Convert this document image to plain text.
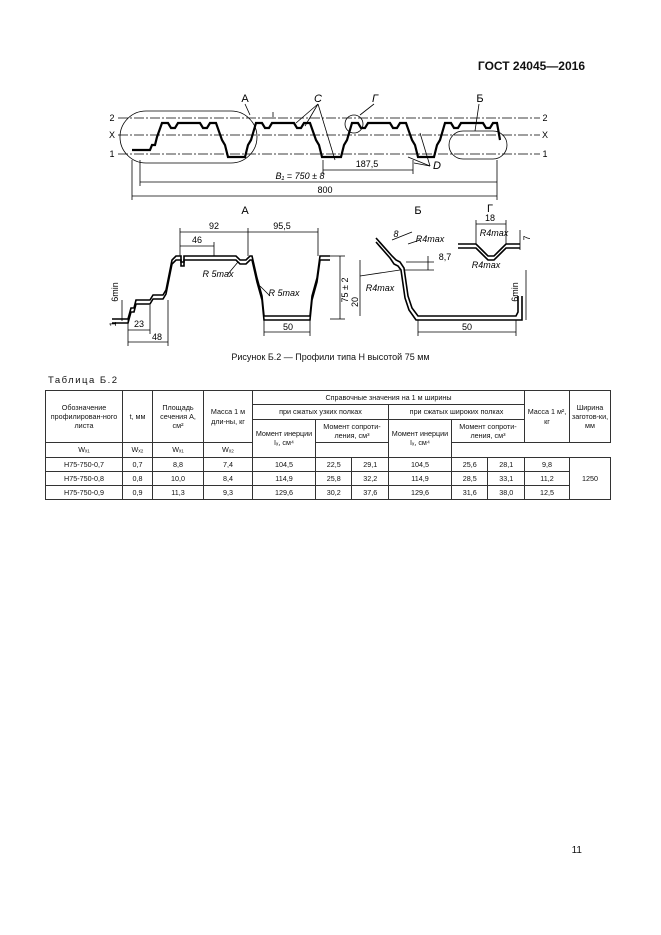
ГОСТ 24045—2016
2
X
1
2
X
1
А	С	Г	Б
D
187,5
B₁ = 750 ± 8
800
А	Б	Г
92
46
95,5
R 5max
R 5max
50
23
48
75 ± 2
6min
1
8 R4max
8,7
R4max
20
50
6min
18
R4max
R4max
7
Рисунок Б.2 — Профили типа Н высотой 75 мм
Таблица Б.2
Обозначение профилирован-ного листа	t, мм	Площадь сечения A, см²	Масса 1 м дли-ны, кг	Справочные значения на 1 м ширины						Масса 1 м², кг	Ширина заготов-ки, мм
				при сжатых узких полках			при сжатых широких полках				
				Момент инерции Iₓ, см⁴	Момент сопроти-ления, см³		Момент инерции Iₓ, см⁴	Момент сопроти-ления, см³			
Wₓ₁	Wₓ₂	Wₓ₁	Wₓ₂								
Н75-750-0,7	0,7	8,8	7,4	104,5	22,5	29,1	104,5	25,6	28,1	9,8	1250
Н75-750-0,8	0,8	10,0	8,4	114,9	25,8	32,2	114,9	28,5	33,1	11,2	
Н75-750-0,9	0,9	11,3	9,3	129,6	30,2	37,6	129,6	31,6	38,0	12,5	
11
